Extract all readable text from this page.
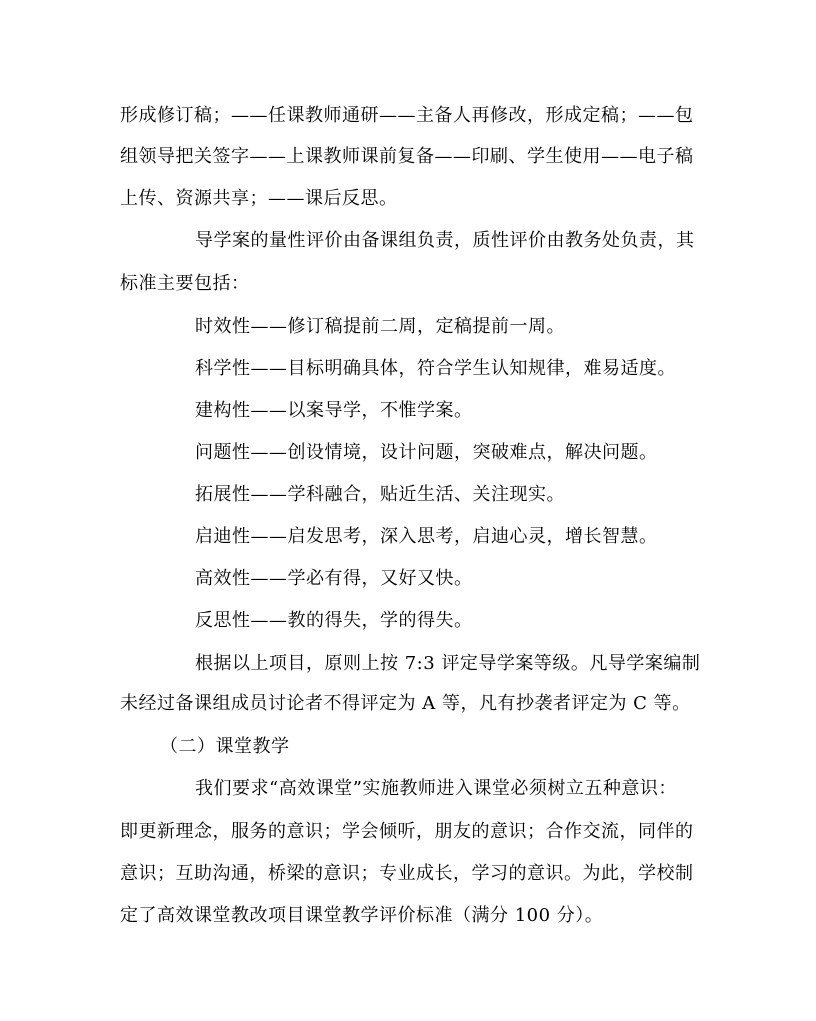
形成修订稿；——任课教师通研——主备人再修改，形成定稿；——包
组领导把关签字——上课教师课前复备——印刷、学生使用——电子稿
上传、资源共享；——课后反思。
导学案的量性评价由备课组负责，质性评价由教务处负责，其
标准主要包括：
时效性——修订稿提前二周，定稿提前一周。
科学性——目标明确具体，符合学生认知规律，难易适度。
建构性——以案导学，不惟学案。
问题性——创设情境，设计问题，突破难点，解决问题。
拓展性——学科融合，贴近生活、关注现实。
启迪性——启发思考，深入思考，启迪心灵，增长智慧。
高效性——学必有得，又好又快。
反思性——教的得失，学的得失。
根据以上项目，原则上按 7:3 评定导学案等级。凡导学案编制
未经过备课组成员讨论者不得评定为 A 等，凡有抄袭者评定为 C 等。
（二）课堂教学
我们要求“高效课堂”实施教师进入课堂必须树立五种意识：
即更新理念，服务的意识；学会倾听，朋友的意识；合作交流，同伴的
意识；互助沟通，桥梁的意识；专业成长，学习的意识。为此，学校制
定了高效课堂教改项目课堂教学评价标准（满分 100 分）。
